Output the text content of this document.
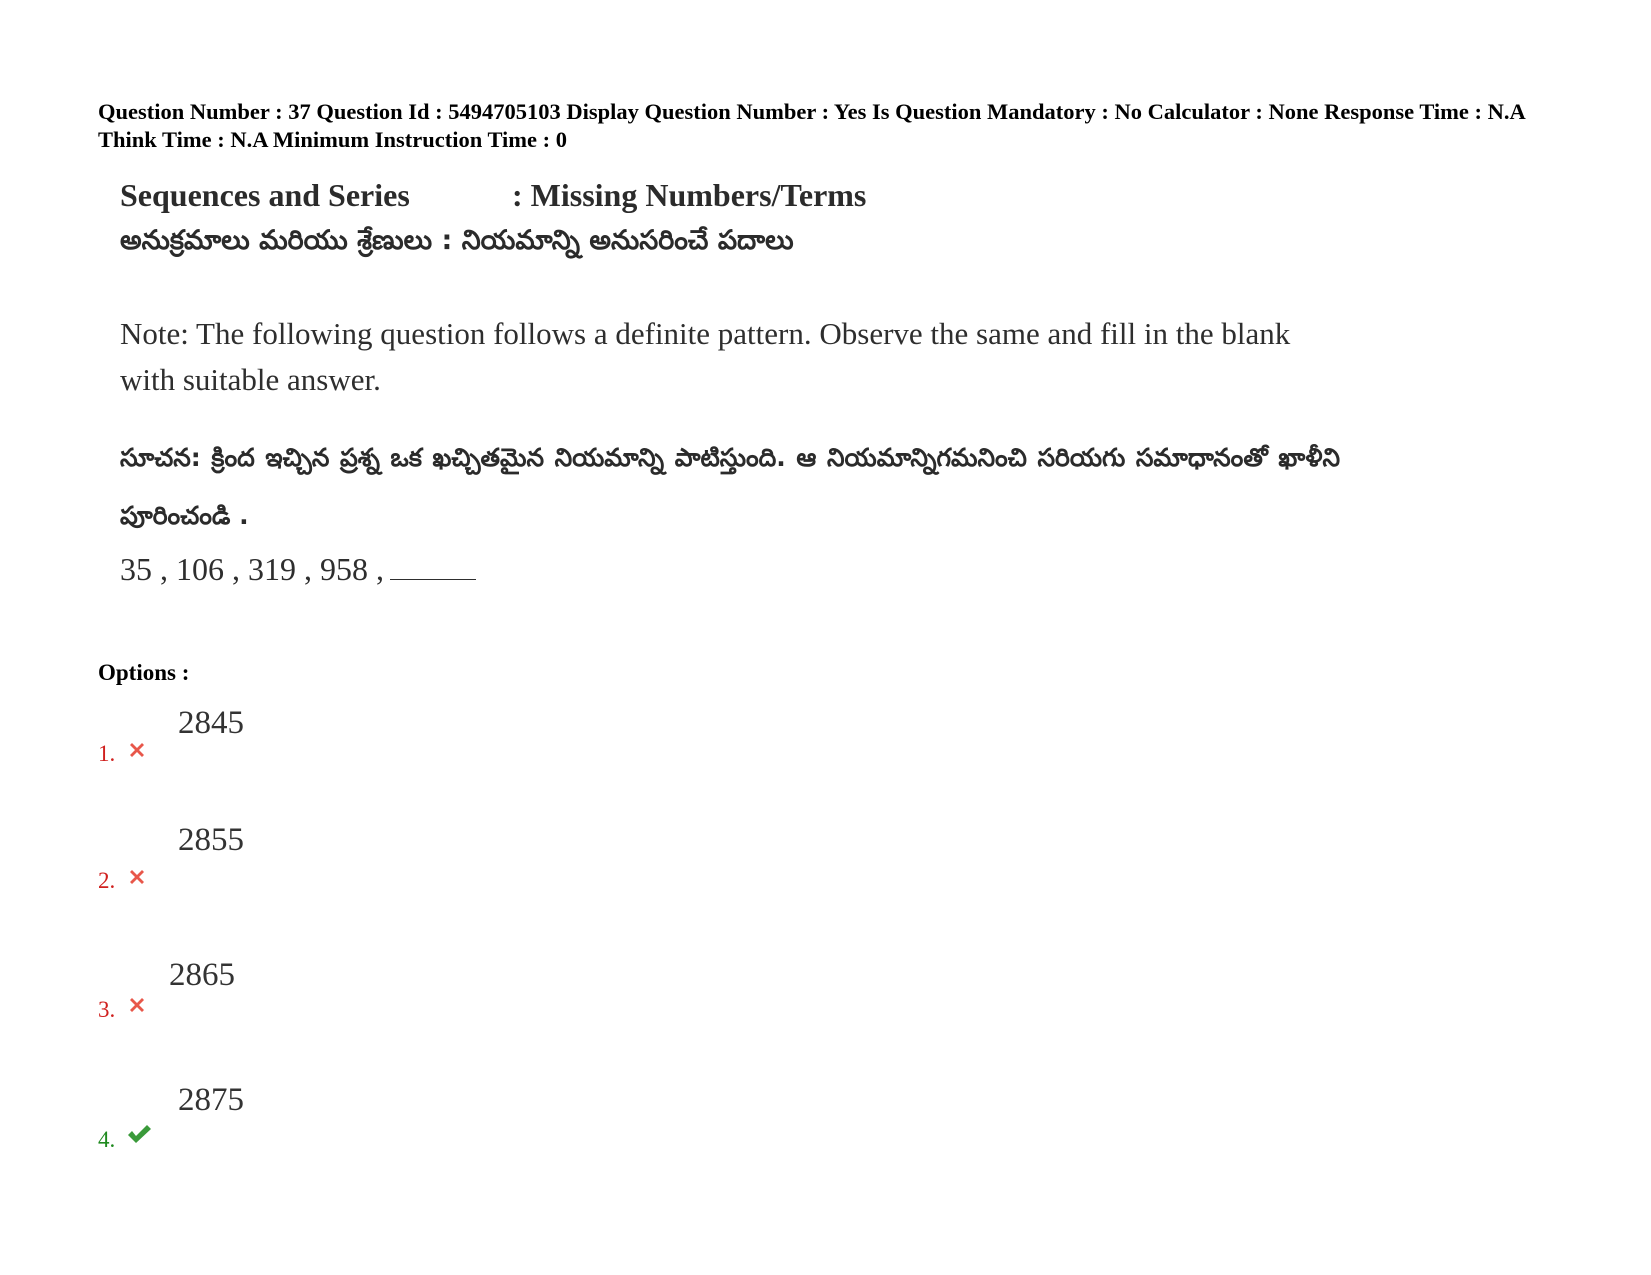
Question Number : 37 Question Id : 5494705103 Display Question Number : Yes Is Question Mandatory : No Calculator : None Response Time : N.A Think Time : N.A Minimum Instruction Time : 0
Sequences and Series	: Missing Numbers/Terms
అనుక్రమాలు మరియు శ్రేణులు : నియమాన్ని అనుసరించే పదాలు
Note: The following question follows a definite pattern. Observe the same and fill in the blank with suitable answer.
సూచన: క్రింద ఇచ్చిన ప్రశ్న ఒక ఖచ్చితమైన నియమాన్ని పాటిస్తుంది. ఆ నియమాన్నిగమనించి సరియగు సమాధానంతో ఖాళీని పూరించండి .
35 , 106 , 319 , 958 ,
Options :
2845
1.
2855
2.
2865
3.
2875
4.
